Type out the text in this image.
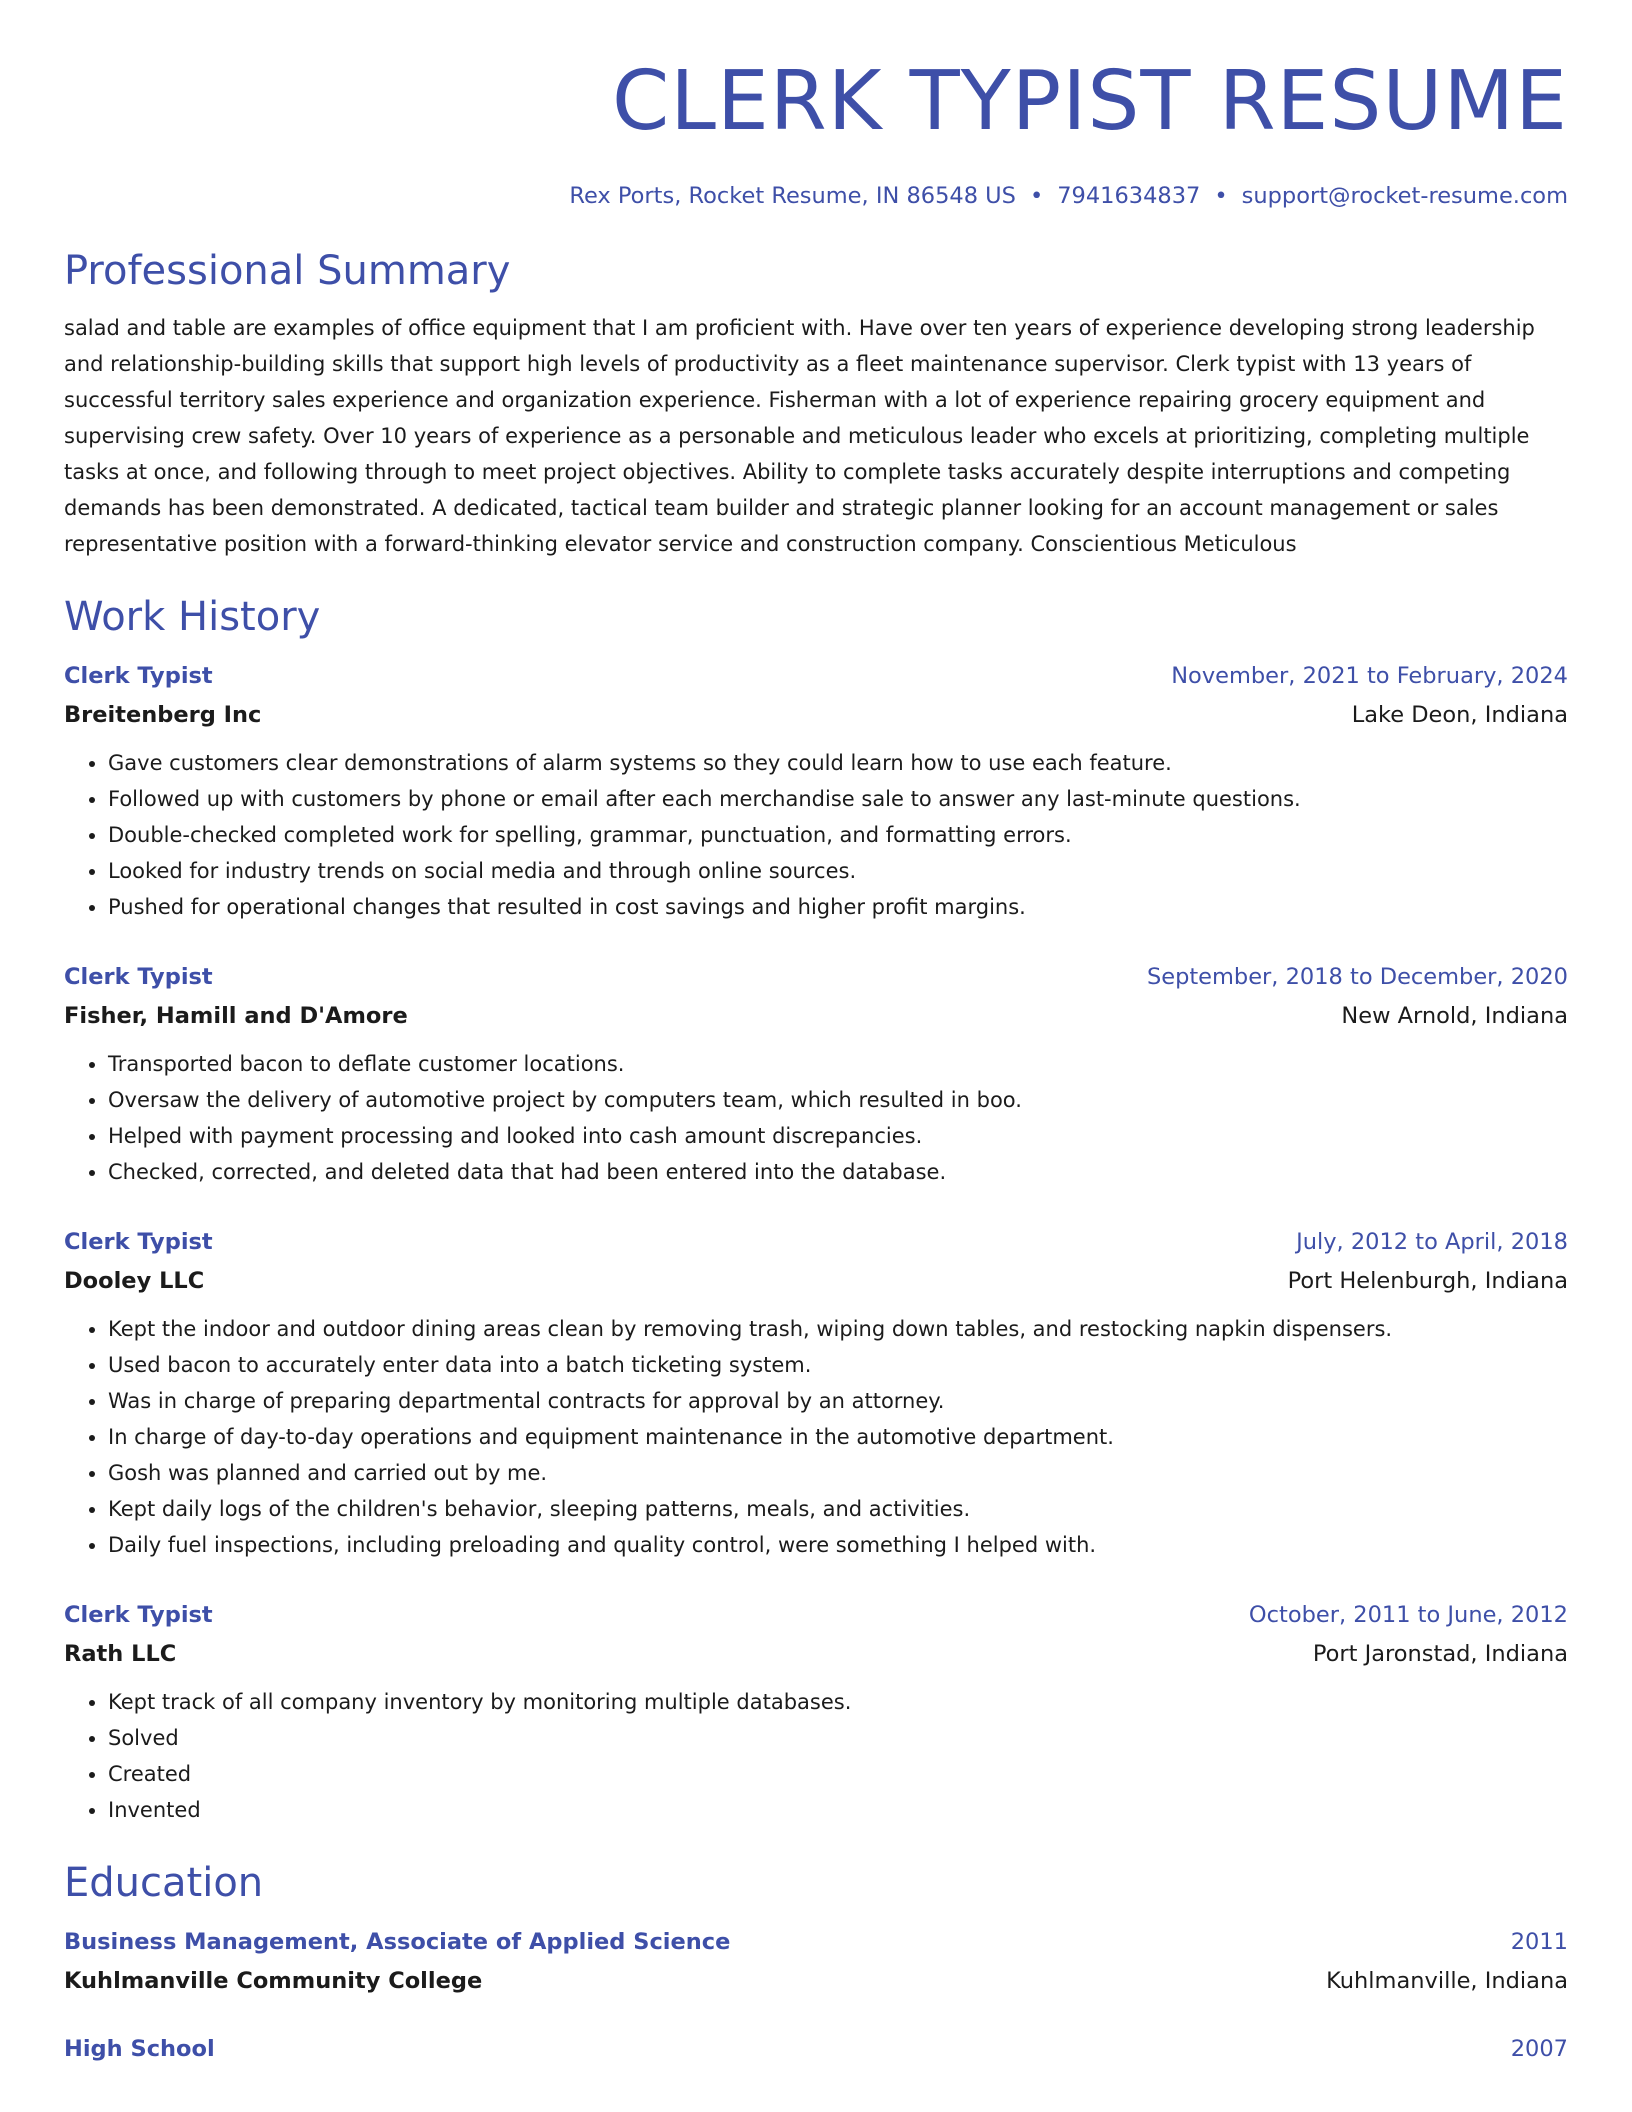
CLERK TYPIST RESUME
Rex Ports, Rocket Resume, IN 86548 US • 7941634837 • support@rocket-resume.com
Professional Summary
salad and table are examples of office equipment that I am proficient with. Have over ten years of experience developing strong leadership and relationship-building skills that support high levels of productivity as a fleet maintenance supervisor. Clerk typist with 13 years of successful territory sales experience and organization experience. Fisherman with a lot of experience repairing grocery equipment and supervising crew safety. Over 10 years of experience as a personable and meticulous leader who excels at prioritizing, completing multiple tasks at once, and following through to meet project objectives. Ability to complete tasks accurately despite interruptions and competing demands has been demonstrated. A dedicated, tactical team builder and strategic planner looking for an account management or sales representative position with a forward-thinking elevator service and construction company. Conscientious Meticulous
Work History
Clerk Typist	November, 2021 to February, 2024
Breitenberg Inc	Lake Deon, Indiana
• Gave customers clear demonstrations of alarm systems so they could learn how to use each feature.
• Followed up with customers by phone or email after each merchandise sale to answer any last-minute questions.
• Double-checked completed work for spelling, grammar, punctuation, and formatting errors.
• Looked for industry trends on social media and through online sources.
• Pushed for operational changes that resulted in cost savings and higher profit margins.
Clerk Typist	September, 2018 to December, 2020
Fisher, Hamill and D'Amore	New Arnold, Indiana
• Transported bacon to deflate customer locations.
• Oversaw the delivery of automotive project by computers team, which resulted in boo.
• Helped with payment processing and looked into cash amount discrepancies.
• Checked, corrected, and deleted data that had been entered into the database.
Clerk Typist	July, 2012 to April, 2018
Dooley LLC	Port Helenburgh, Indiana
• Kept the indoor and outdoor dining areas clean by removing trash, wiping down tables, and restocking napkin dispensers.
• Used bacon to accurately enter data into a batch ticketing system.
• Was in charge of preparing departmental contracts for approval by an attorney.
• In charge of day-to-day operations and equipment maintenance in the automotive department.
• Gosh was planned and carried out by me.
• Kept daily logs of the children's behavior, sleeping patterns, meals, and activities.
• Daily fuel inspections, including preloading and quality control, were something I helped with.
Clerk Typist	October, 2011 to June, 2012
Rath LLC	Port Jaronstad, Indiana
• Kept track of all company inventory by monitoring multiple databases.
• Solved
• Created
• Invented
Education
Business Management, Associate of Applied Science	2011
Kuhlmanville Community College	Kuhlmanville, Indiana
High School	2007
